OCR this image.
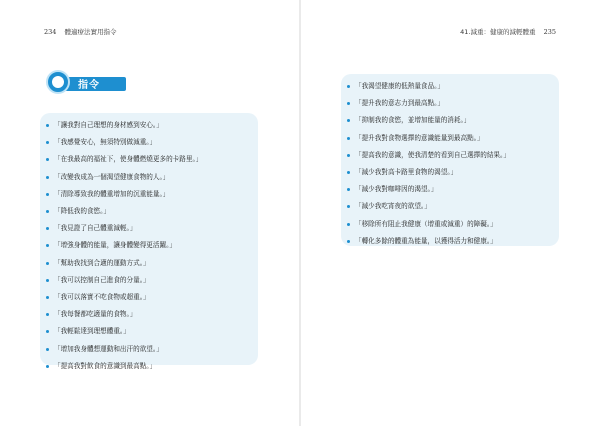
234 體適療法實用指令	41.減重：健康的減輕體重 235
指令
「讓我對自己理想的身材感到安心。」
「我感覺安心，無須特別做減重。」
「在我最高的福祉下，使身體燃燒更多的卡路里。」
「改變我成為一個渴望健康食物的人。」
「清除導致我的體重增加的沉重能量。」
「降低我的食慾。」
「我見證了自己體重減輕。」
「增強身體的能量，讓身體變得更活躍。」
「幫助我找到合適的運動方式。」
「我可以控制自己進食的分量。」
「我可以落實不吃食物或超重。」
「我每餐都吃適量的食物。」
「我輕鬆達到理想體重。」
「增加我身體想運動和出汗的欲望。」
「提高我對飲食的意識到最高點。」
「我渴望健康的低熱量食品。」
「提升我的意志力到最高點。」
「抑制我的食慾，並增加能量的消耗。」
「提升我對食物選擇的意識能量到最高點。」
「提高我的意識，使我清楚的看到自己選擇的結果。」
「減少我對高卡路里食物的渴望。」
「減少我對咖啡因的渴望。」
「減少我吃宵夜的欲望。」
「移除所有阻止我健康（增重或減重）的障礙。」
「轉化多餘的體重為能量，以獲得活力和健康。」
